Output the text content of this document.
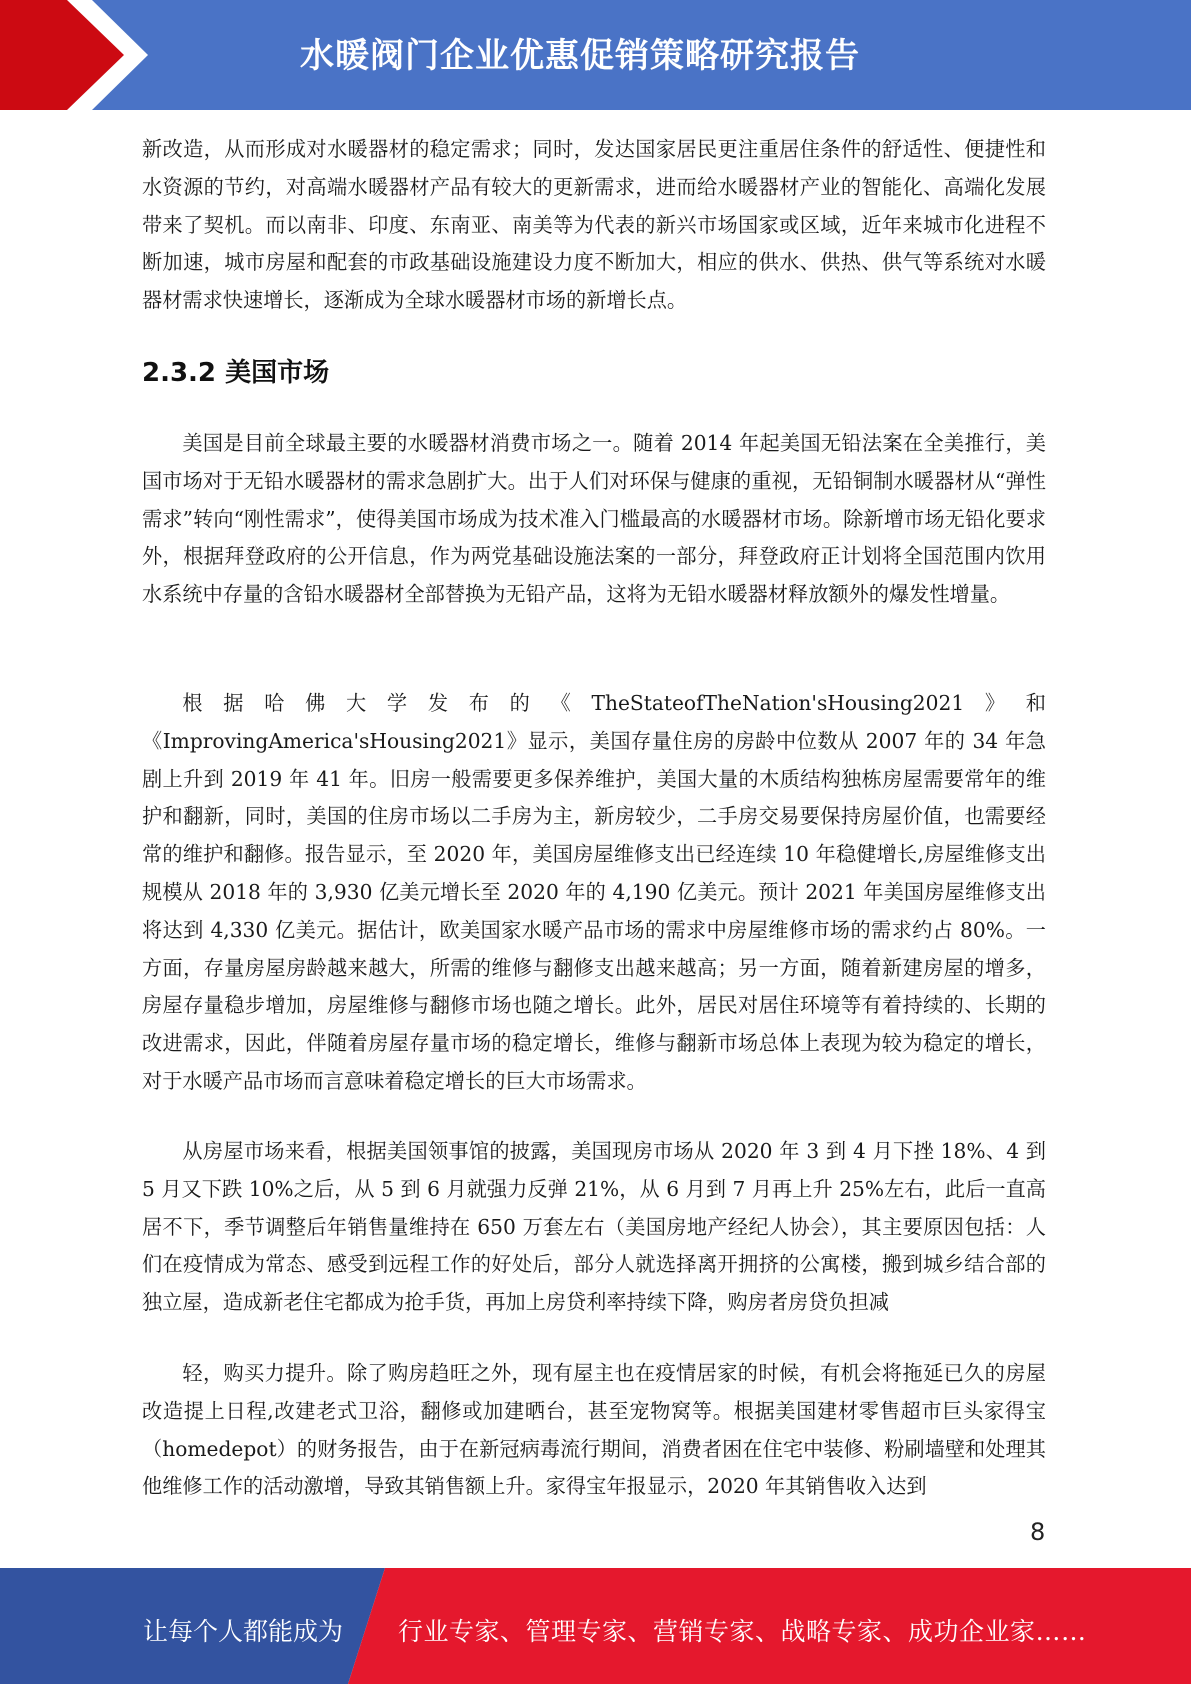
水暖阀门企业优惠促销策略研究报告

新改造，从而形成对水暖器材的稳定需求；同时，发达国家居民更注重居住条件的舒适性、便捷性和水资源的节约，对高端水暖器材产品有较大的更新需求，进而给水暖器材产业的智能化、高端化发展带来了契机。而以南非、印度、东南亚、南美等为代表的新兴市场国家或区域，近年来城市化进程不断加速，城市房屋和配套的市政基础设施建设力度不断加大，相应的供水、供热、供气等系统对水暖器材需求快速增长，逐渐成为全球水暖器材市场的新增长点。

2.3.2 美国市场

美国是目前全球最主要的水暖器材消费市场之一。随着 2014 年起美国无铅法案在全美推行，美国市场对于无铅水暖器材的需求急剧扩大。出于人们对环保与健康的重视，无铅铜制水暖器材从“弹性需求”转向“刚性需求”，使得美国市场成为技术准入门槛最高的水暖器材市场。除新增市场无铅化要求外，根据拜登政府的公开信息，作为两党基础设施法案的一部分，拜登政府正计划将全国范围内饮用水系统中存量的含铅水暖器材全部替换为无铅产品，这将为无铅水暖器材释放额外的爆发性增量。

根据哈佛大学发布的《TheStateofTheNation'sHousing2021》和《ImprovingAmerica'sHousing2021》显示，美国存量住房的房龄中位数从 2007 年的 34 年急剧上升到 2019 年 41 年。旧房一般需要更多保养维护，美国大量的木质结构独栋房屋需要常年的维护和翻新，同时，美国的住房市场以二手房为主，新房较少，二手房交易要保持房屋价值，也需要经常的维护和翻修。报告显示，至 2020 年，美国房屋维修支出已经连续 10 年稳健增长,房屋维修支出规模从 2018 年的 3,930 亿美元增长至 2020 年的 4,190 亿美元。预计 2021 年美国房屋维修支出将达到 4,330 亿美元。据估计，欧美国家水暖产品市场的需求中房屋维修市场的需求约占 80%。一方面，存量房屋房龄越来越大，所需的维修与翻修支出越来越高；另一方面，随着新建房屋的增多，房屋存量稳步增加，房屋维修与翻修市场也随之增长。此外，居民对居住环境等有着持续的、长期的改进需求，因此，伴随着房屋存量市场的稳定增长，维修与翻新市场总体上表现为较为稳定的增长，对于水暖产品市场而言意味着稳定增长的巨大市场需求。

从房屋市场来看，根据美国领事馆的披露，美国现房市场从 2020 年 3 到 4 月下挫 18%、4 到 5 月又下跌 10%之后，从 5 到 6 月就强力反弹 21%，从 6 月到 7 月再上升 25%左右，此后一直高居不下，季节调整后年销售量维持在 650 万套左右（美国房地产经纪人协会），其主要原因包括：人们在疫情成为常态、感受到远程工作的好处后，部分人就选择离开拥挤的公寓楼，搬到城乡结合部的独立屋，造成新老住宅都成为抢手货，再加上房贷利率持续下降，购房者房贷负担减

轻，购买力提升。除了购房趋旺之外，现有屋主也在疫情居家的时候，有机会将拖延已久的房屋改造提上日程,改建老式卫浴，翻修或加建晒台，甚至宠物窝等。根据美国建材零售超市巨头家得宝（homedepot）的财务报告，由于在新冠病毒流行期间，消费者困在住宅中装修、粉刷墙壁和处理其他维修工作的活动激增，导致其销售额上升。家得宝年报显示，2020 年其销售收入达到

8
让每个人都能成为 行业专家、管理专家、营销专家、战略专家、成功企业家……
